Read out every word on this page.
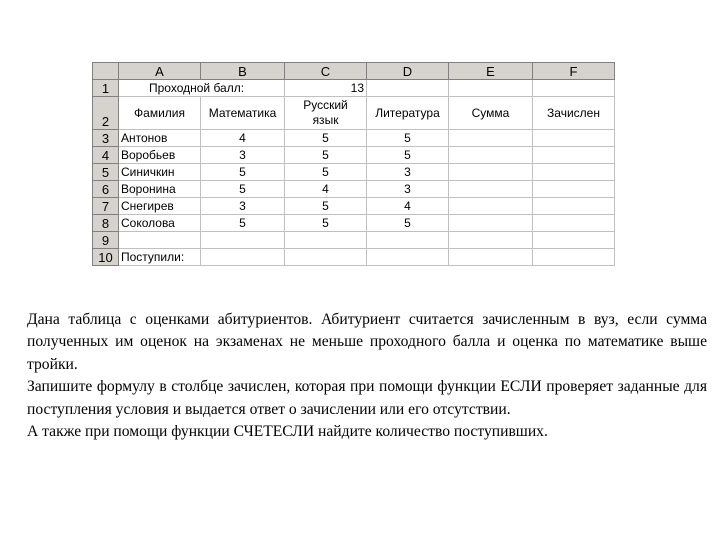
	A	B	C	D	E	F
1	Проходной балл:		13			
2	Фамилия	Математика	Русский язык	Литература	Сумма	Зачислен
3	Антонов	4	5	5		
4	Воробьев	3	5	5		
5	Синичкин	5	5	3		
6	Воронина	5	4	3		
7	Снегирев	3	5	4		
8	Соколова	5	5	5		
9						
10	Поступили:					

Дана таблица с оценками абитуриентов. Абитуриент считается зачисленным в вуз, если сумма полученных им оценок на экзаменах не меньше проходного балла и оценка по математике выше тройки.

Запишите формулу в столбце зачислен, которая при помощи функции ЕСЛИ проверяет заданные для поступления условия и выдается ответ о зачислении или его отсутствии.

А также при помощи функции СЧЕТЕСЛИ найдите количество поступивших.
